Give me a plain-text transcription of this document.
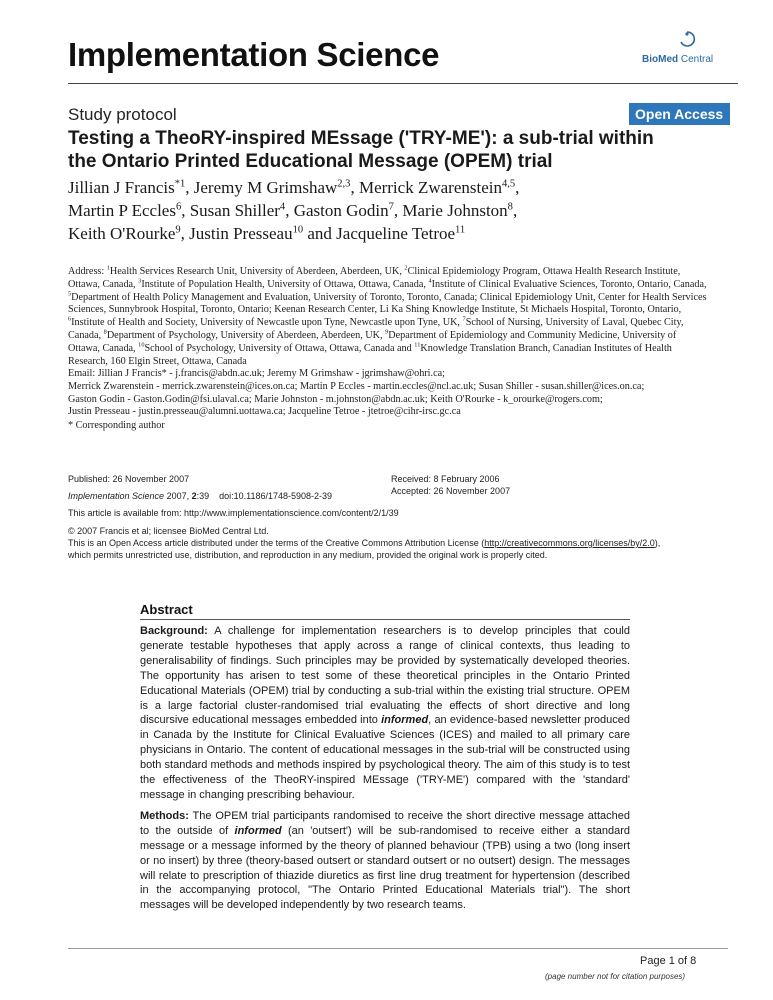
Implementation Science	BioMed Central
Study protocol	Open Access
Testing a TheoRY-inspired MEssage ('TRY-ME'): a sub-trial within
the Ontario Printed Educational Message (OPEM) trial
Jillian J Francis$^{*1}$, Jeremy M Grimshaw$^{2,3}$, Merrick Zwarenstein$^{4,5}$,
Martin P Eccles$^6$, Susan Shiller$^4$, Gaston Godin$^7$, Marie Johnston$^8$,
Keith O'Rourke$^9$, Justin Presseau$^{10}$ and Jacqueline Tetroe$^{11}$
Address: $^1$Health Services Research Unit, University of Aberdeen, Aberdeen, UK, $^2$Clinical Epidemiology Program, Ottawa Health Research Institute, Ottawa, Canada, $^3$Institute of Population Health, University of Ottawa, Ottawa, Canada, $^4$Institute of Clinical Evaluative Sciences, Toronto, Ontario, Canada, $^5$Department of Health Policy Management and Evaluation, University of Toronto, Toronto, Canada; Clinical Epidemiology Unit, Center for Health Services Sciences, Sunnybrook Hospital, Toronto, Ontario; Keenan Research Center, Li Ka Shing Knowledge Institute, St Michaels Hospital, Toronto, Ontario, $^6$Institute of Health and Society, University of Newcastle upon Tyne, Newcastle upon Tyne, UK, $^7$School of Nursing, University of Laval, Quebec City, Canada, $^8$Department of Psychology, University of Aberdeen, Aberdeen, UK, $^9$Department of Epidemiology and Community Medicine, University of Ottawa, Canada, $^{10}$School of Psychology, University of Ottawa, Ottawa, Canada and $^{11}$Knowledge Translation Branch, Canadian Institutes of Health Research, 160 Elgin Street, Ottawa, Canada
Email: Jillian J Francis* - j.francis@abdn.ac.uk; Jeremy M Grimshaw - jgrimshaw@ohri.ca;
Merrick Zwarenstein - merrick.zwarenstein@ices.on.ca; Martin P Eccles - martin.eccles@ncl.ac.uk; Susan Shiller - susan.shiller@ices.on.ca;
Gaston Godin - Gaston.Godin@fsi.ulaval.ca; Marie Johnston - m.johnston@abdn.ac.uk; Keith O'Rourke - k_orourke@rogers.com;
Justin Presseau - justin.presseau@alumni.uottawa.ca; Jacqueline Tetroe - jtetroe@cihr-irsc.gc.ca
* Corresponding author
Published: 26 November 2007
Implementation Science 2007, 2:39    doi:10.1186/1748-5908-2-39
Received: 8 February 2006
Accepted: 26 November 2007
This article is available from: http://www.implementationscience.com/content/2/1/39
© 2007 Francis et al; licensee BioMed Central Ltd.
This is an Open Access article distributed under the terms of the Creative Commons Attribution License (http://creativecommons.org/licenses/by/2.0),
which permits unrestricted use, distribution, and reproduction in any medium, provided the original work is properly cited.
Abstract

Background: A challenge for implementation researchers is to develop principles that could generate testable hypotheses that apply across a range of clinical contexts, thus leading to generalisability of findings. Such principles may be provided by systematically developed theories. The opportunity has arisen to test some of these theoretical principles in the Ontario Printed Educational Materials (OPEM) trial by conducting a sub-trial within the existing trial structure. OPEM is a large factorial cluster-randomised trial evaluating the effects of short directive and long discursive educational messages embedded into informed, an evidence-based newsletter produced in Canada by the Institute for Clinical Evaluative Sciences (ICES) and mailed to all primary care physicians in Ontario. The content of educational messages in the sub-trial will be constructed using both standard methods and methods inspired by psychological theory. The aim of this study is to test the effectiveness of the TheoRY-inspired MEssage ('TRY-ME') compared with the 'standard' message in changing prescribing behaviour.

Methods: The OPEM trial participants randomised to receive the short directive message attached to the outside of informed (an 'outsert') will be sub-randomised to receive either a standard message or a message informed by the theory of planned behaviour (TPB) using a two (long insert or no insert) by three (theory-based outsert or standard outsert or no outsert) design. The messages will relate to prescription of thiazide diuretics as first line drug treatment for hypertension (described in the accompanying protocol, "The Ontario Printed Educational Materials trial"). The short messages will be developed independently by two research teams.

Page 1 of 8
(page number not for citation purposes)
